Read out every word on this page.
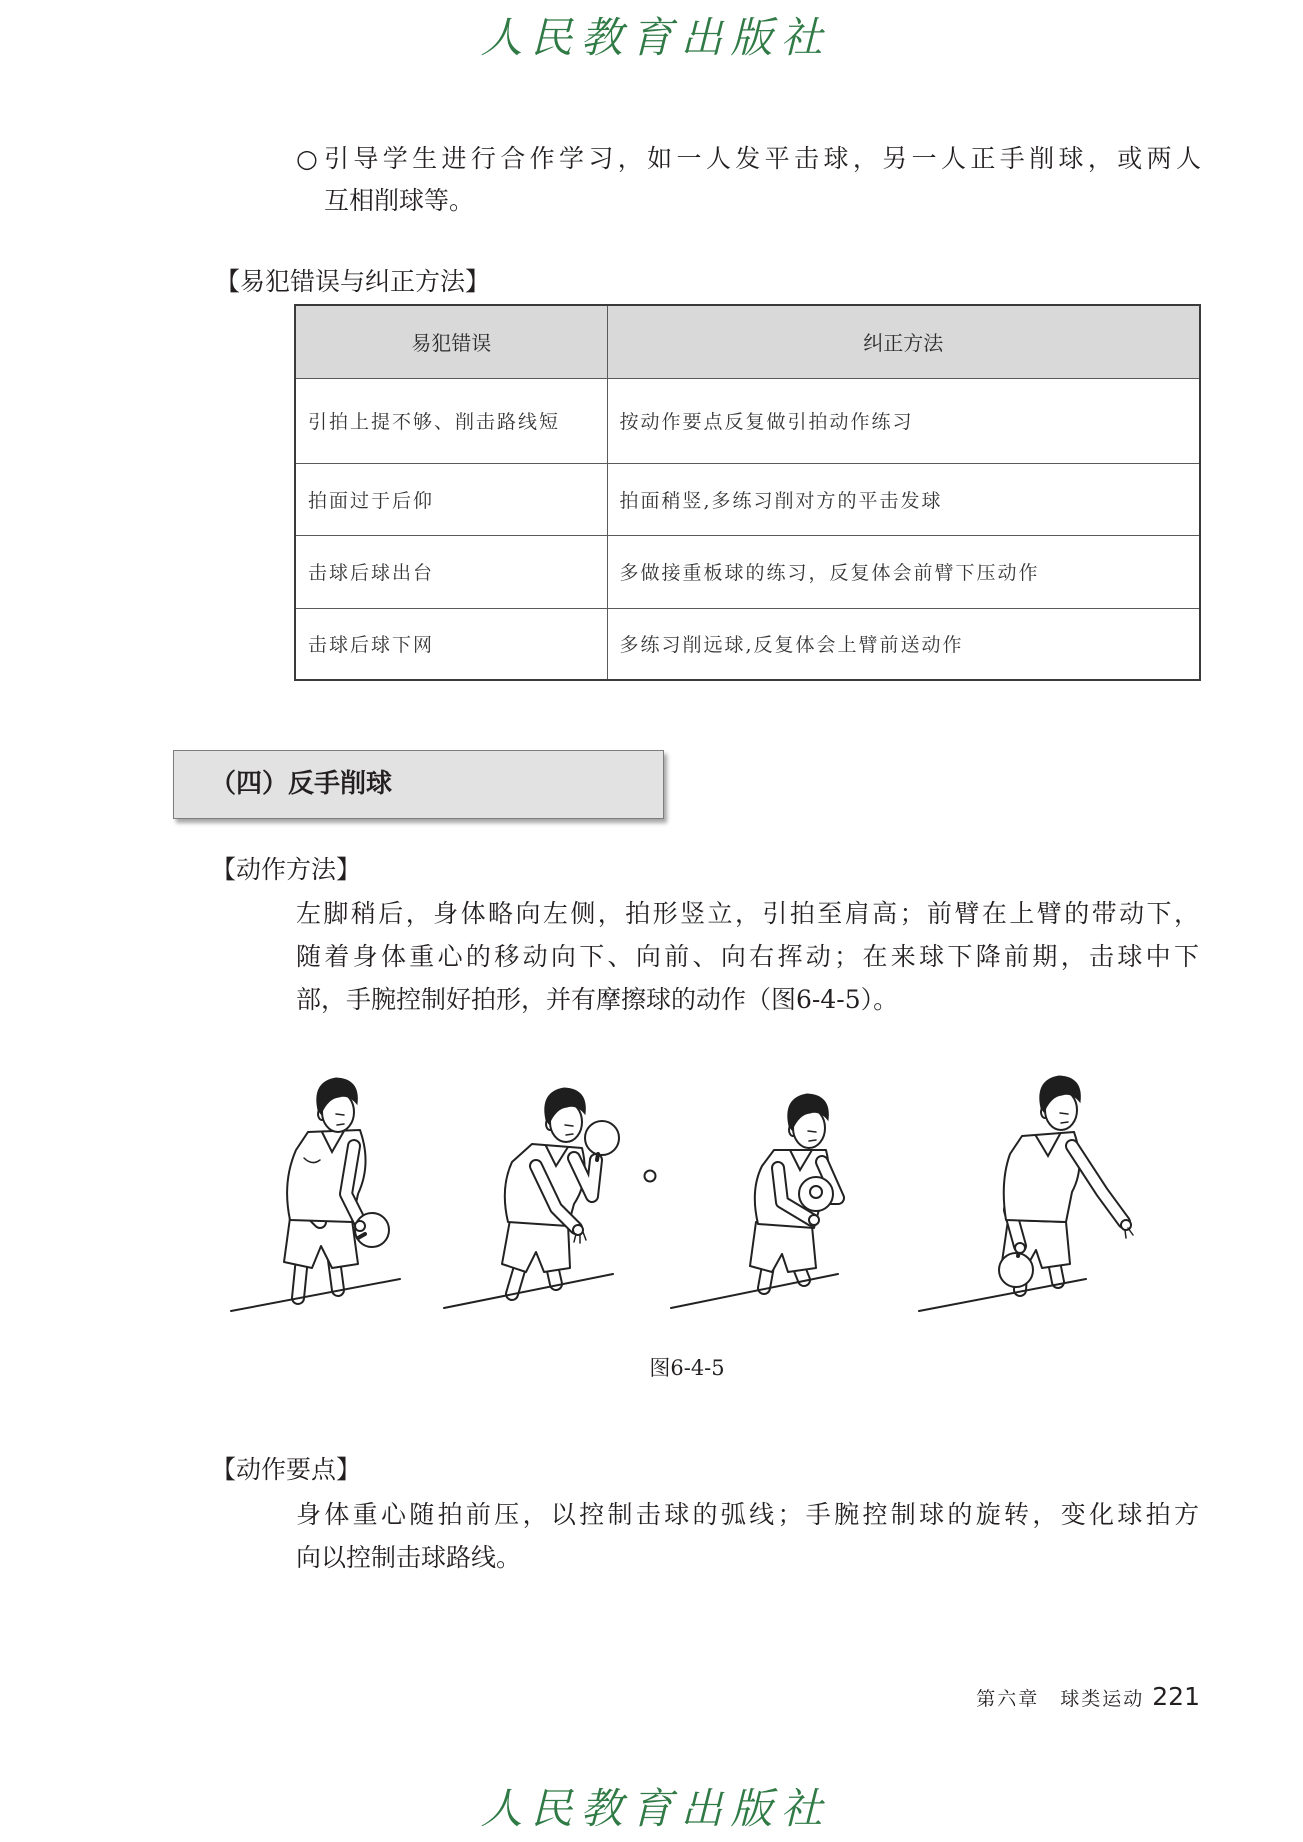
人民教育出版社
○ 引导学生进行合作学习，如一人发平击球，另一人正手削球，或两人
互相削球等。
【易犯错误与纠正方法】
易犯错误	纠正方法
引拍上提不够、削击路线短	按动作要点反复做引拍动作练习
拍面过于后仰	拍面稍竖,多练习削对方的平击发球
击球后球出台	多做接重板球的练习，反复体会前臂下压动作
击球后球下网	多练习削远球,反复体会上臂前送动作
（四）反手削球
【动作方法】
左脚稍后，身体略向左侧，拍形竖立，引拍至肩高；前臂在上臂的带动下，
随着身体重心的移动向下、向前、向右挥动；在来球下降前期，击球中下
部，手腕控制好拍形，并有摩擦球的动作（图6-4-5）。
图6-4-5
【动作要点】
身体重心随拍前压，以控制击球的弧线；手腕控制球的旋转，变化球拍方
向以控制击球路线。
第六章　球类运动 221
人民教育出版社
